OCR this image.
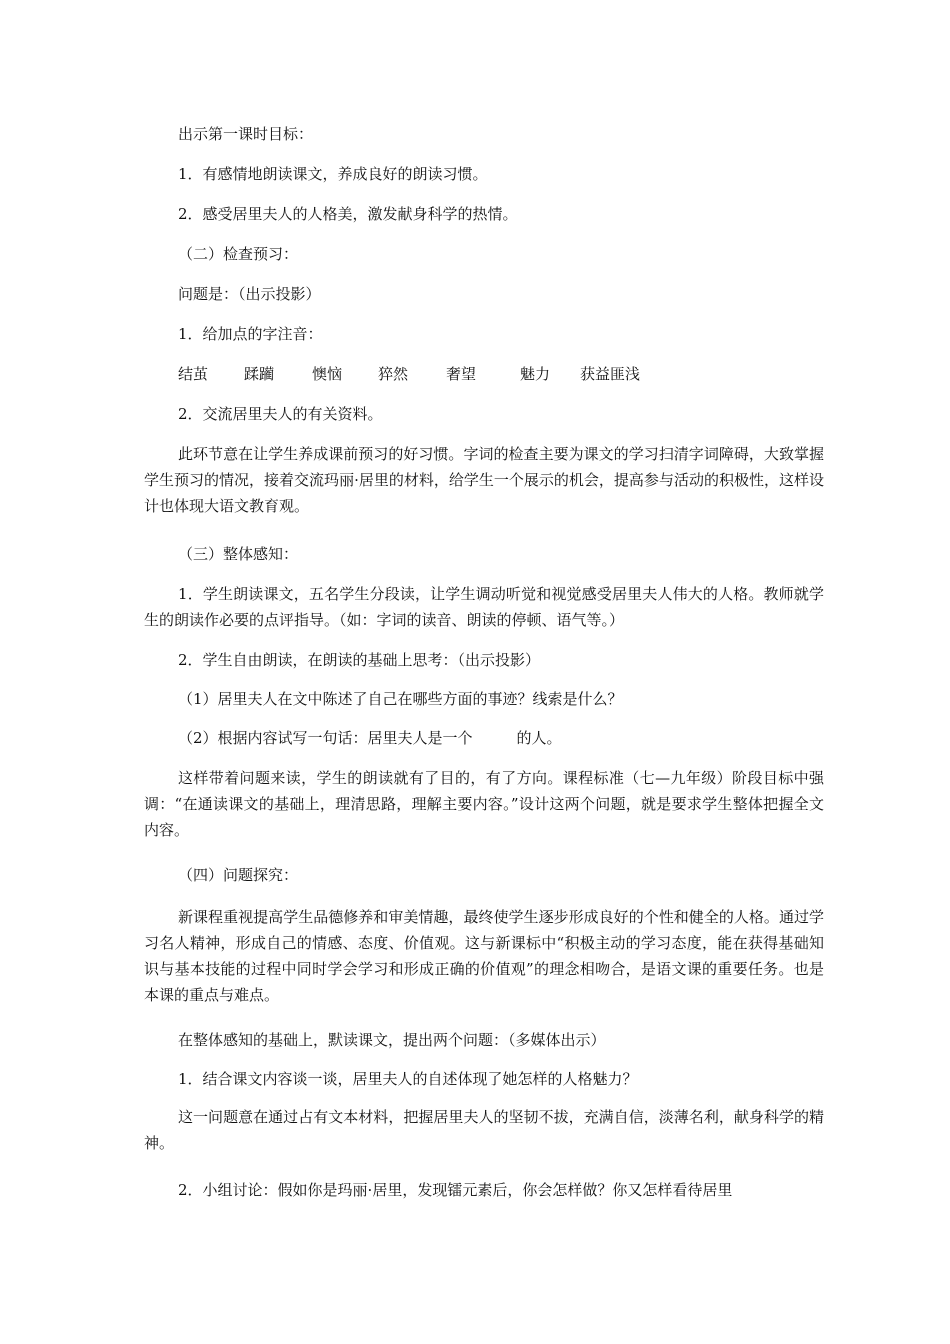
出示第一课时目标：
1．有感情地朗读课文，养成良好的朗读习惯。
2．感受居里夫人的人格美，激发献身科学的热情。
（二）检查预习：
问题是：（出示投影）
1．给加点的字注音：
结茧 蹂躏	懊恼 猝然	奢望	魅力 获益匪浅
2．交流居里夫人的有关资料。
此环节意在让学生养成课前预习的好习惯。字词的检查主要为课文的学习扫清字词障碍，大致掌握学生预习的情况，接着交流玛丽·居里的材料，给学生一个展示的机会，提高参与活动的积极性，这样设计也体现大语文教育观。
（三）整体感知：
1．学生朗读课文，五名学生分段读，让学生调动听觉和视觉感受居里夫人伟大的人格。教师就学生的朗读作必要的点评指导。（如：字词的读音、朗读的停顿、语气等。）
2．学生自由朗读，在朗读的基础上思考：（出示投影）
（1）居里夫人在文中陈述了自己在哪些方面的事迹？线索是什么？
（2）根据内容试写一句话：居里夫人是一个	的人。
这样带着问题来读，学生的朗读就有了目的，有了方向。课程标准（七—九年级）阶段目标中强调：“在通读课文的基础上，理清思路，理解主要内容。”设计这两个问题，就是要求学生整体把握全文内容。
（四）问题探究：
新课程重视提高学生品德修养和审美情趣，最终使学生逐步形成良好的个性和健全的人格。通过学习名人精神，形成自己的情感、态度、价值观。这与新课标中“积极主动的学习态度，能在获得基础知识与基本技能的过程中同时学会学习和形成正确的价值观”的理念相吻合，是语文课的重要任务。也是本课的重点与难点。
在整体感知的基础上，默读课文，提出两个问题：（多媒体出示）
1．结合课文内容谈一谈，居里夫人的自述体现了她怎样的人格魅力？
这一问题意在通过占有文本材料，把握居里夫人的坚韧不拔，充满自信，淡薄名利，献身科学的精神。
2．小组讨论：假如你是玛丽·居里，发现镭元素后，你会怎样做？你又怎样看待居里
